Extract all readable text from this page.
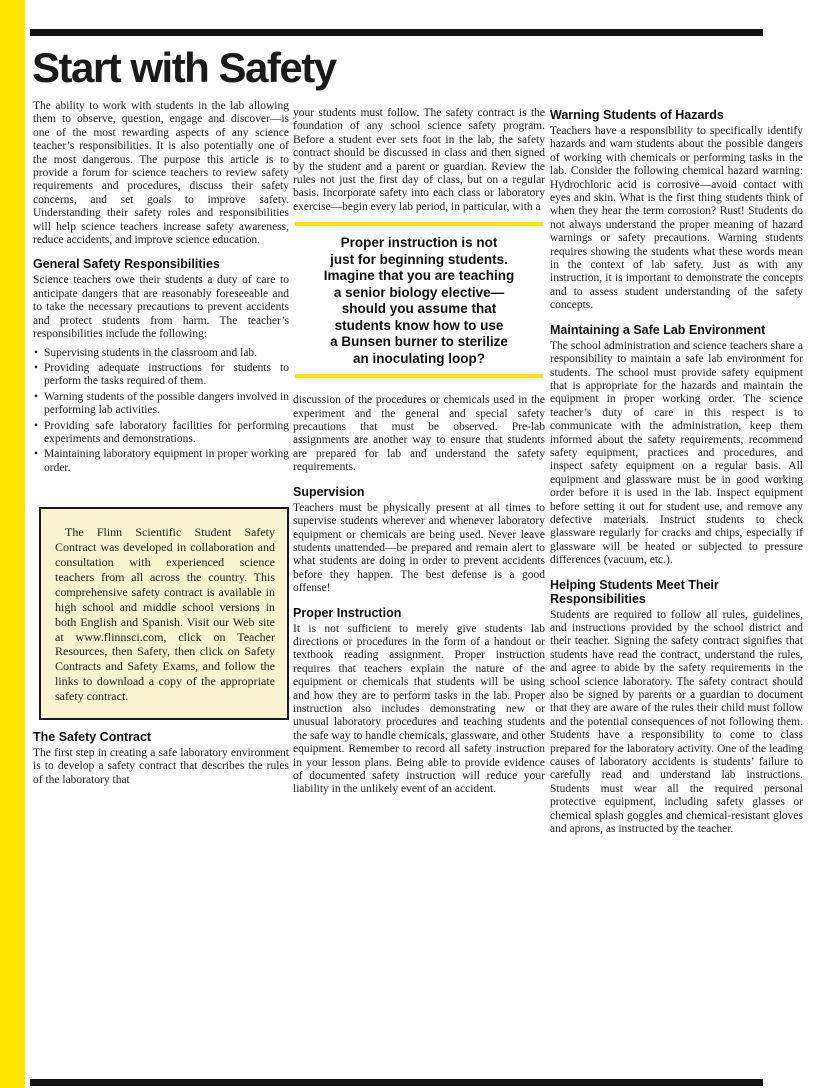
Start with Safety

The ability to work with students in the lab allowing them to observe, question, engage and discover—is one of the most rewarding aspects of any science teacher’s responsibilities. It is also potentially one of the most dangerous. The purpose this article is to provide a forum for science teachers to review safety requirements and procedures, discuss their safety concerns, and set goals to improve safety. Understanding their safety roles and responsibilities will help science teachers increase safety awareness, reduce accidents, and improve science education.

General Safety Responsibilities

Science teachers owe their students a duty of care to anticipate dangers that are reasonably foreseeable and to take the necessary precautions to prevent accidents and protect students from harm. The teacher’s responsibilities include the following:

• Supervising students in the classroom and lab.
• Providing adequate instructions for students to perform the tasks required of them.
• Warning students of the possible dangers involved in performing lab activities.
• Providing safe laboratory facilities for performing experiments and demonstrations.
• Maintaining laboratory equipment in proper working order.

The Flinn Scientific Student Safety Contract was developed in collaboration and consultation with experienced science teachers from all across the country. This comprehensive safety contract is available in high school and middle school versions in both English and Spanish. Visit our Web site at www.flinnsci.com, click on Teacher Resources, then Safety, then click on Safety Contracts and Safety Exams, and follow the links to download a copy of the appropriate safety contract.

The Safety Contract

The first step in creating a safe laboratory environment is to develop a safety contract that describes the rules of the laboratory that

your students must follow. The safety contract is the foundation of any school science safety program. Before a student ever sets foot in the lab, the safety contract should be discussed in class and then signed by the student and a parent or guardian. Review the rules not just the first day of class, but on a regular basis. Incorporate safety into each class or laboratory exercise—begin every lab period, in particular, with a

Proper instruction is not
just for beginning students.
Imagine that you are teaching
a senior biology elective—
should you assume that
students know how to use
a Bunsen burner to sterilize
an inoculating loop?

discussion of the procedures or chemicals used in the experiment and the general and special safety precautions that must be observed. Pre-lab assignments are another way to ensure that students are prepared for lab and understand the safety requirements.

Supervision

Teachers must be physically present at all times to supervise students wherever and whenever laboratory equipment or chemicals are being used. Never leave students unattended—be prepared and remain alert to what students are doing in order to prevent accidents before they happen. The best defense is a good offense!

Proper Instruction

It is not sufficient to merely give students lab directions or procedures in the form of a handout or textbook reading assignment. Proper instruction requires that teachers explain the nature of the equipment or chemicals that students will be using and how they are to perform tasks in the lab. Proper instruction also includes demonstrating new or unusual laboratory procedures and teaching students the safe way to handle chemicals, glassware, and other equipment. Remember to record all safety instruction in your lesson plans. Being able to provide evidence of documented safety instruction will reduce your liability in the unlikely event of an accident.

Warning Students of Hazards

Teachers have a responsibility to specifically identify hazards and warn students about the possible dangers of working with chemicals or performing tasks in the lab. Consider the following chemical hazard warning: Hydrochloric acid is corrosive—avoid contact with eyes and skin. What is the first thing students think of when they hear the term corrosion? Rust! Students do not always understand the proper meaning of hazard warnings or safety precautions. Warning students requires showing the students what these words mean in the context of lab safety. Just as with any instruction, it is important to demonstrate the concepts and to assess student understanding of the safety concepts.

Maintaining a Safe Lab Environment

The school administration and science teachers share a responsibility to maintain a safe lab environment for students. The school must provide safety equipment that is appropriate for the hazards and maintain the equipment in proper working order. The science teacher’s duty of care in this respect is to communicate with the administration, keep them informed about the safety requirements, recommend safety equipment, practices and procedures, and inspect safety equipment on a regular basis. All equipment and glassware must be in good working order before it is used in the lab. Inspect equipment before setting it out for student use, and remove any defective materials. Instruct students to check glassware regularly for cracks and chips, especially if glassware will be heated or subjected to pressure differences (vacuum, etc.).

Helping Students Meet Their Responsibilities

Students are required to follow all rules, guidelines, and instructions provided by the school district and their teacher. Signing the safety contract signifies that students have read the contract, understand the rules, and agree to abide by the safety requirements in the school science laboratory. The safety contract should also be signed by parents or a guardian to document that they are aware of the rules their child must follow and the potential consequences of not following them. Students have a responsibility to come to class prepared for the laboratory activity. One of the leading causes of laboratory accidents is students’ failure to carefully read and understand lab instructions. Students must wear all the required personal protective equipment, including safety glasses or chemical splash goggles and chemical-resistant gloves and aprons, as instructed by the teacher.
